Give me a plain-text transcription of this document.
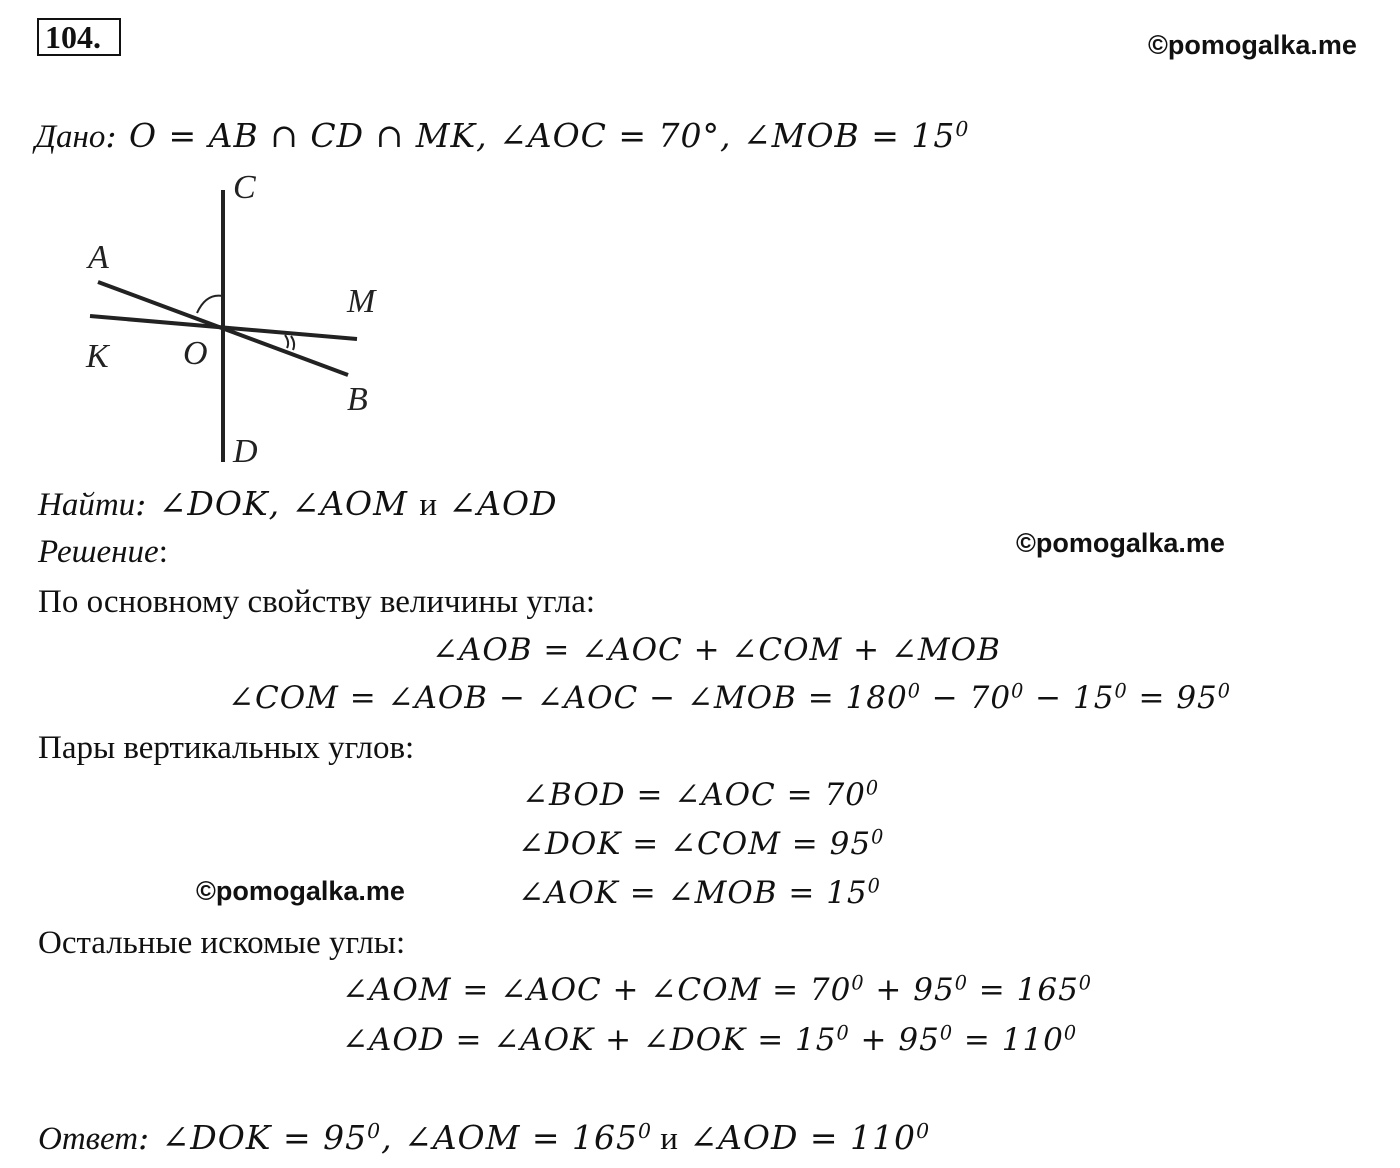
104.	©pomogalka.me
Дано: O = AB ∩ CD ∩ MK, ∠AOC = 70°, ∠MOB = $15^0$
C
A
M
K O
B
D
Найти: ∠DOK, ∠AOM и ∠AOD
Решение:	©pomogalka.me
По основному свойству величины угла:
∠AOB = ∠AOC + ∠COM + ∠MOB
∠COM = ∠AOB − ∠AOC − ∠MOB = $180^0 - 70^0 - 15^0 = 95^0$
Пары вертикальных углов:
∠BOD = ∠AOC = $70^0$
∠DOK = ∠COM = $95^0$
∠AOK = ∠MOB = $15^0$
©pomogalka.me
Остальные искомые углы:
∠AOM = ∠AOC + ∠COM = $70^0 + 95^0 = 165^0$
∠AOD = ∠AOK + ∠DOK = $15^0 + 95^0 = 110^0$
Ответ: ∠DOK = $95^0$, ∠AOM = $165^0$ и ∠AOD = $110^0$
